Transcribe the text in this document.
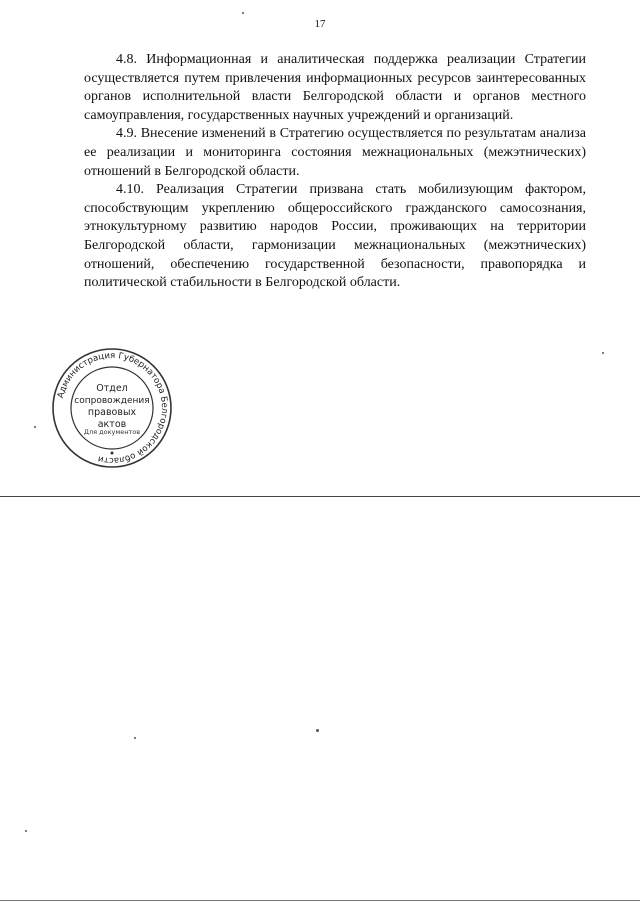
17

4.8. Информационная и аналитическая поддержка реализации Стратегии осуществляется путем привлечения информационных ресурсов заинтересованных органов исполнительной власти Белгородской области и органов местного самоуправления, государственных научных учреждений и организаций.

4.9. Внесение изменений в Стратегию осуществляется по результатам анализа ее реализации и мониторинга состояния межнациональных (межэтнических) отношений в Белгородской области.

4.10. Реализация Стратегии призвана стать мобилизующим фактором, способствующим укреплению общероссийского гражданского самосознания, этнокультурному развитию народов России, проживающих на территории Белгородской области, гармонизации межнациональных (межэтнических) отношений, обеспечению государственной безопасности, правопорядка и политической стабильности в Белгородской области.

Администрация Губернатора Белгородской области
Для документов
Отдел
сопровождения
правовых
актов
